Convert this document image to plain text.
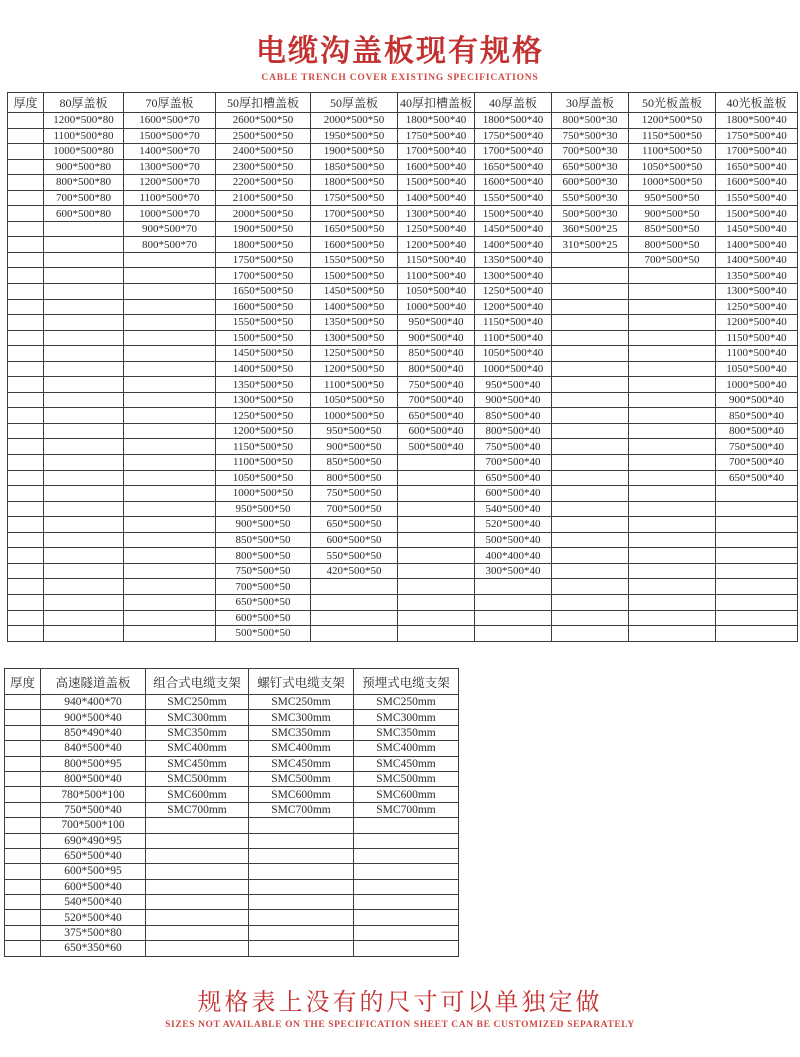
电缆沟盖板现有规格
CABLE TRENCH COVER EXISTING SPECIFICATIONS
厚度	80厚盖板	70厚盖板	50厚扣槽盖板	50厚盖板	40厚扣槽盖板	40厚盖板	30厚盖板	50光板盖板	40光板盖板
	1200*500*80	1600*500*70	2600*500*50	2000*500*50	1800*500*40	1800*500*40	800*500*30	1200*500*50	1800*500*40
	1100*500*80	1500*500*70	2500*500*50	1950*500*50	1750*500*40	1750*500*40	750*500*30	1150*500*50	1750*500*40
	1000*500*80	1400*500*70	2400*500*50	1900*500*50	1700*500*40	1700*500*40	700*500*30	1100*500*50	1700*500*40
	900*500*80	1300*500*70	2300*500*50	1850*500*50	1600*500*40	1650*500*40	650*500*30	1050*500*50	1650*500*40
	800*500*80	1200*500*70	2200*500*50	1800*500*50	1500*500*40	1600*500*40	600*500*30	1000*500*50	1600*500*40
	700*500*80	1100*500*70	2100*500*50	1750*500*50	1400*500*40	1550*500*40	550*500*30	950*500*50	1550*500*40
	600*500*80	1000*500*70	2000*500*50	1700*500*50	1300*500*40	1500*500*40	500*500*30	900*500*50	1500*500*40
		900*500*70	1900*500*50	1650*500*50	1250*500*40	1450*500*40	360*500*25	850*500*50	1450*500*40
		800*500*70	1800*500*50	1600*500*50	1200*500*40	1400*500*40	310*500*25	800*500*50	1400*500*40
			1750*500*50	1550*500*50	1150*500*40	1350*500*40		700*500*50	1400*500*40
			1700*500*50	1500*500*50	1100*500*40	1300*500*40			1350*500*40
			1650*500*50	1450*500*50	1050*500*40	1250*500*40			1300*500*40
			1600*500*50	1400*500*50	1000*500*40	1200*500*40			1250*500*40
			1550*500*50	1350*500*50	950*500*40	1150*500*40			1200*500*40
			1500*500*50	1300*500*50	900*500*40	1100*500*40			1150*500*40
			1450*500*50	1250*500*50	850*500*40	1050*500*40			1100*500*40
			1400*500*50	1200*500*50	800*500*40	1000*500*40			1050*500*40
			1350*500*50	1100*500*50	750*500*40	950*500*40			1000*500*40
			1300*500*50	1050*500*50	700*500*40	900*500*40			900*500*40
			1250*500*50	1000*500*50	650*500*40	850*500*40			850*500*40
			1200*500*50	950*500*50	600*500*40	800*500*40			800*500*40
			1150*500*50	900*500*50	500*500*40	750*500*40			750*500*40
			1100*500*50	850*500*50		700*500*40			700*500*40
			1050*500*50	800*500*50		650*500*40			650*500*40
			1000*500*50	750*500*50		600*500*40			
			950*500*50	700*500*50		540*500*40			
			900*500*50	650*500*50		520*500*40			
			850*500*50	600*500*50		500*500*40			
			800*500*50	550*500*50		400*400*40			
			750*500*50	420*500*50		300*500*40			
			700*500*50						
			650*500*50						
			600*500*50						
			500*500*50						
厚度	高速隧道盖板	组合式电缆支架	螺钉式电缆支架	预埋式电缆支架
	940*400*70	SMC250mm	SMC250mm	SMC250mm
	900*500*40	SMC300mm	SMC300mm	SMC300mm
	850*490*40	SMC350mm	SMC350mm	SMC350mm
	840*500*40	SMC400mm	SMC400mm	SMC400mm
	800*500*95	SMC450mm	SMC450mm	SMC450mm
	800*500*40	SMC500mm	SMC500mm	SMC500mm
	780*500*100	SMC600mm	SMC600mm	SMC600mm
	750*500*40	SMC700mm	SMC700mm	SMC700mm
	700*500*100			
	690*490*95			
	650*500*40			
	600*500*95			
	600*500*40			
	540*500*40			
	520*500*40			
	375*500*80			
	650*350*60			
规格表上没有的尺寸可以单独定做
SIZES NOT AVAILABLE ON THE SPECIFICATION SHEET CAN BE CUSTOMIZED SEPARATELY
